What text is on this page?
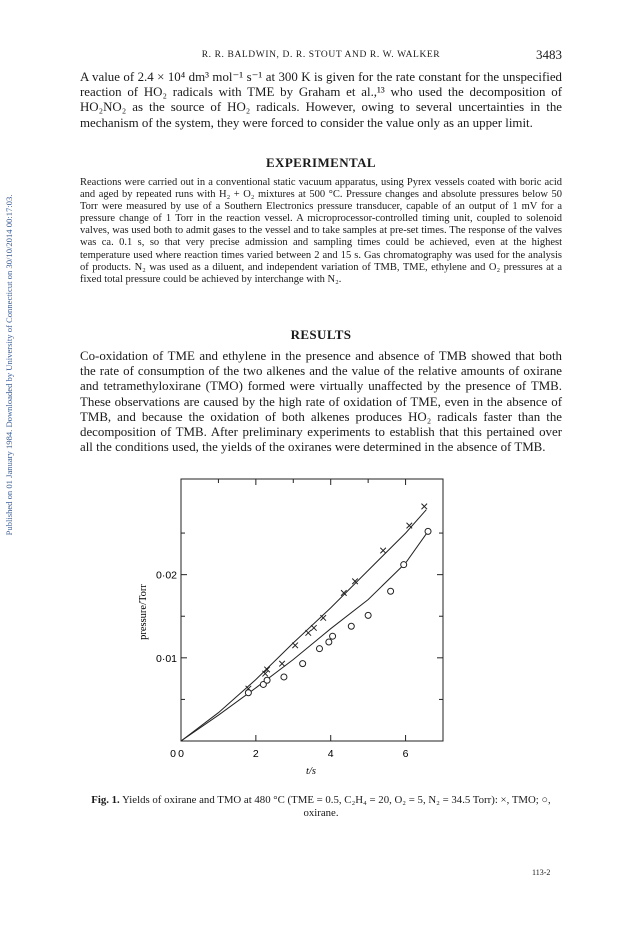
Published on 01 January 1984. Downloaded by University of Connecticut on 30/10/2014 00:17:03.
R. R. BALDWIN, D. R. STOUT AND R. W. WALKER	3483

A value of 2.4 × 10⁴ dm³ mol⁻¹ s⁻¹ at 300 K is given for the rate constant for the unspecified reaction of HO₂ radicals with TME by Graham et al.,¹³ who used the decomposition of HO₂NO₂ as the source of HO₂ radicals. However, owing to several uncertainties in the mechanism of the system, they were forced to consider the value only as an upper limit.

EXPERIMENTAL

Reactions were carried out in a conventional static vacuum apparatus, using Pyrex vessels coated with boric acid and aged by repeated runs with H₂ + O₂ mixtures at 500 °C. Pressure changes and absolute pressures below 50 Torr were measured by use of a Southern Electronics pressure transducer, capable of an output of 1 mV for a pressure change of 1 Torr in the reaction vessel. A microprocessor-controlled timing unit, coupled to solenoid valves, was used both to admit gases to the vessel and to take samples at pre-set times. The response of the valves was ca. 0.1 s, so that very precise admission and sampling times could be achieved, even at the highest temperature used where reaction times varied between 2 and 15 s. Gas chromatography was used for the analysis of products. N₂ was used as a diluent, and independent variation of TMB, TME, ethylene and O₂ pressures at a fixed total pressure could be achieved by interchange with N₂.

RESULTS

Co-oxidation of TME and ethylene in the presence and absence of TMB showed that both the rate of consumption of the two alkenes and the value of the relative amounts of oxirane and tetramethyloxirane (TMO) formed were virtually unaffected by the presence of TMB. These observations are caused by the high rate of oxidation of TME, even in the absence of TMB, and because the oxidation of both alkenes produces HO₂ radicals faster than the decomposition of TMB. After preliminary experiments to establish that this pertained over all the conditions used, the yields of the oxiranes were determined in the absence of TMB.

0	2	4	6
0·01
0·02
0
t/s
pressure/Torr

Fig. 1. Yields of oxirane and TMO at 480 °C (TME = 0.5, C₂H₄ = 20, O₂ = 5, N₂ = 34.5 Torr): ×, TMO; ○, oxirane.

113-2
